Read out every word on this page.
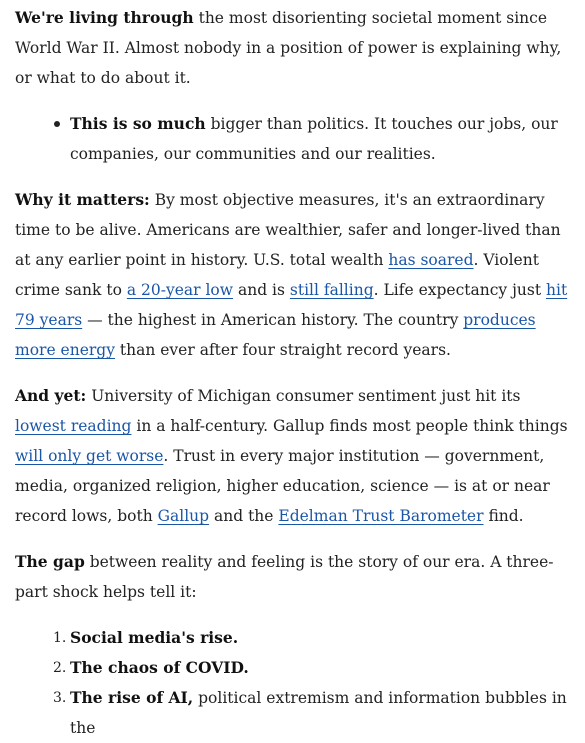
We're living through the most disorienting societal moment since World War II. Almost nobody in a position of power is explaining why, or what to do about it.

This is so much bigger than politics. It touches our jobs, our companies, our communities and our realities.

Why it matters: By most objective measures, it's an extraordinary time to be alive. Americans are wealthier, safer and longer-lived than at any earlier point in history. U.S. total wealth has soared. Violent crime sank to a 20-year low and is still falling. Life expectancy just hit 79 years — the highest in American history. The country produces more energy than ever after four straight record years.

And yet: University of Michigan consumer sentiment just hit its lowest reading in a half-century. Gallup finds most people think things will only get worse. Trust in every major institution — government, media, organized religion, higher education, science — is at or near record lows, both Gallup and the Edelman Trust Barometer find.

The gap between reality and feeling is the story of our era. A three-part shock helps tell it:

1. Social media's rise.
2. The chaos of COVID.
3. The rise of AI, political extremism and information bubbles in the
